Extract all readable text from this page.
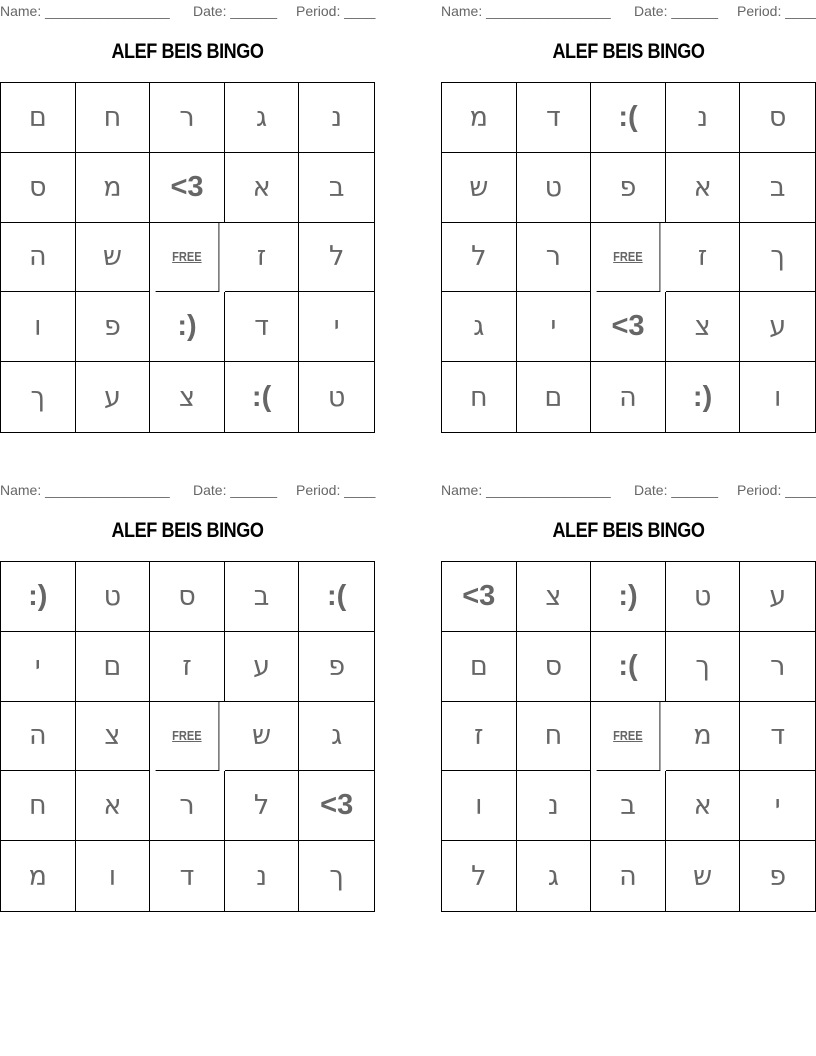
Name: ________________ Date: ______ Period: ____
ALEF BEIS BINGO
ם	ח	ר	ג	נ
ס	מ	<3	א	ב
ה	ש	FREE	ז	ל
ו	פ	:)	ד	י
ך	ע	צ	:(	ט
Name: ________________ Date: ______ Period: ____
ALEF BEIS BINGO
מ	ד	:(	נ	ס
ש	ט	פ	א	ב
ל	ר	FREE	ז	ך
ג	י	<3	צ	ע
ח	ם	ה	:)	ו
Name: ________________ Date: ______ Period: ____
ALEF BEIS BINGO
:)	ט	ס	ב	:(
י	ם	ז	ע	פ
ה	צ	FREE	ש	ג
ח	א	ר	ל	<3
מ	ו	ד	נ	ך
Name: ________________ Date: ______ Period: ____
ALEF BEIS BINGO
<3	צ	:)	ט	ע
ם	ס	:(	ך	ר
ז	ח	FREE	מ	ד
ו	נ	ב	א	י
ל	ג	ה	ש	פ
